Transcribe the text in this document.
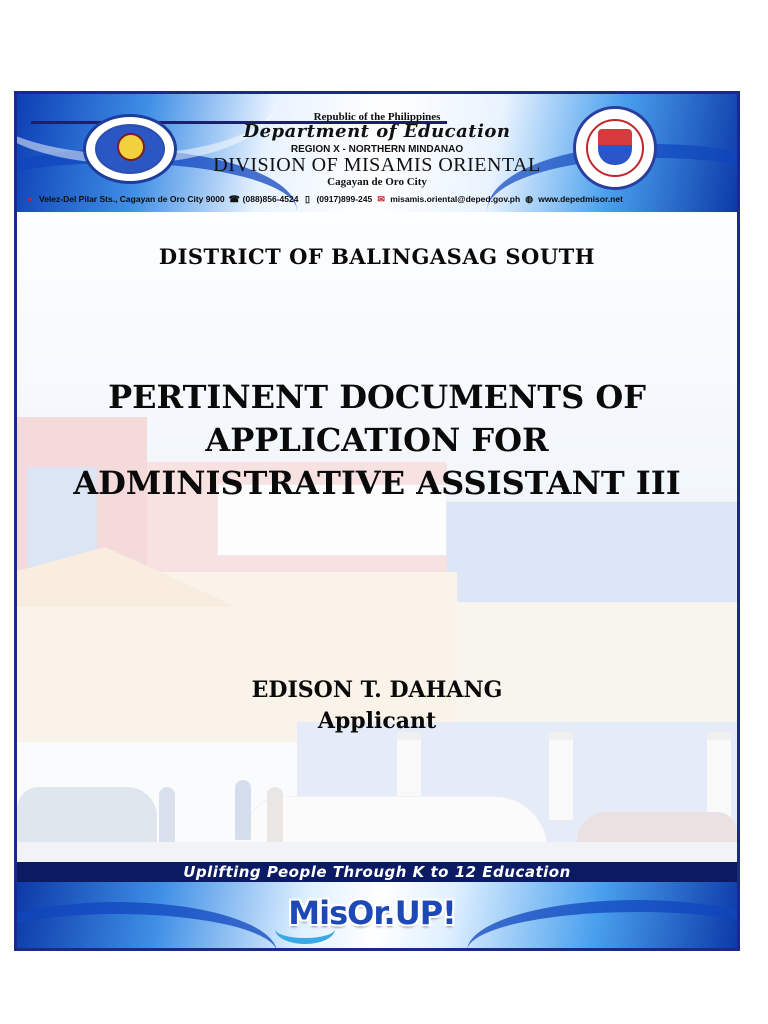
Republic of the Philippines
Department of Education
REGION X - NORTHERN MINDANAO
DIVISION OF MISAMIS ORIENTAL
Cagayan de Oro City
● Velez-Del Pilar Sts., Cagayan de Oro City 9000 ☎ (088)856-4524 ▯ (0917)899-245 ✉ misamis.oriental@deped.gov.ph ◍ www.depedmisor.net
DISTRICT OF BALINGASAG SOUTH
PERTINENT DOCUMENTS OF
APPLICATION FOR
ADMINISTRATIVE ASSISTANT III
EDISON T. DAHANG
Applicant
Uplifting People Through K to 12 Education
MisOr.UP!
